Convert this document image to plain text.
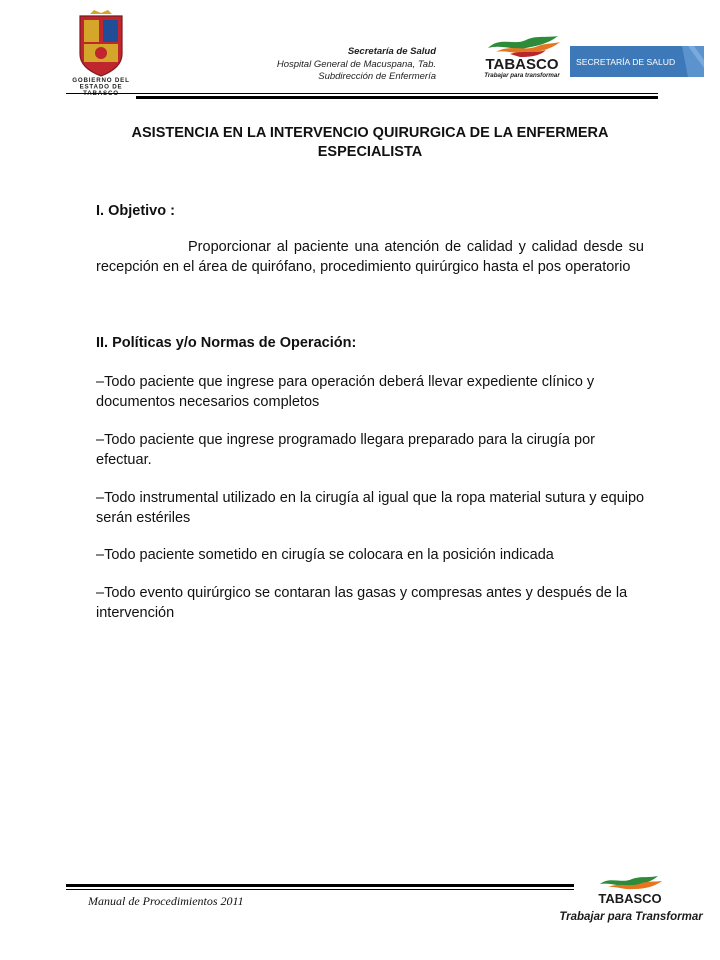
GOBIERNO DEL
ESTADO DE
TABASCO
Secretaría de Salud
Hospital General de Macuspana, Tab.
Subdirección de Enfermería
TABASCO
Trabajar para transformar
SECRETARÍA DE SALUD
ASISTENCIA EN LA INTERVENCIO QUIRURGICA DE LA ENFERMERA ESPECIALISTA
I. Objetivo :
Proporcionar al paciente una atención de calidad y calidad desde su recepción en el área de quirófano, procedimiento quirúrgico hasta el pos operatorio
II. Políticas y/o Normas de Operación:
–Todo paciente que ingrese para operación deberá llevar expediente clínico y documentos necesarios completos
–Todo paciente que ingrese programado llegara preparado para la cirugía por efectuar.
–Todo instrumental utilizado en la cirugía al igual que la ropa material sutura y equipo serán estériles
–Todo paciente sometido en cirugía se colocara en la posición indicada
–Todo evento quirúrgico se contaran las gasas y compresas antes y después de la intervención
Manual de Procedimientos 2011	TABASCO
Trabajar para Transformar
